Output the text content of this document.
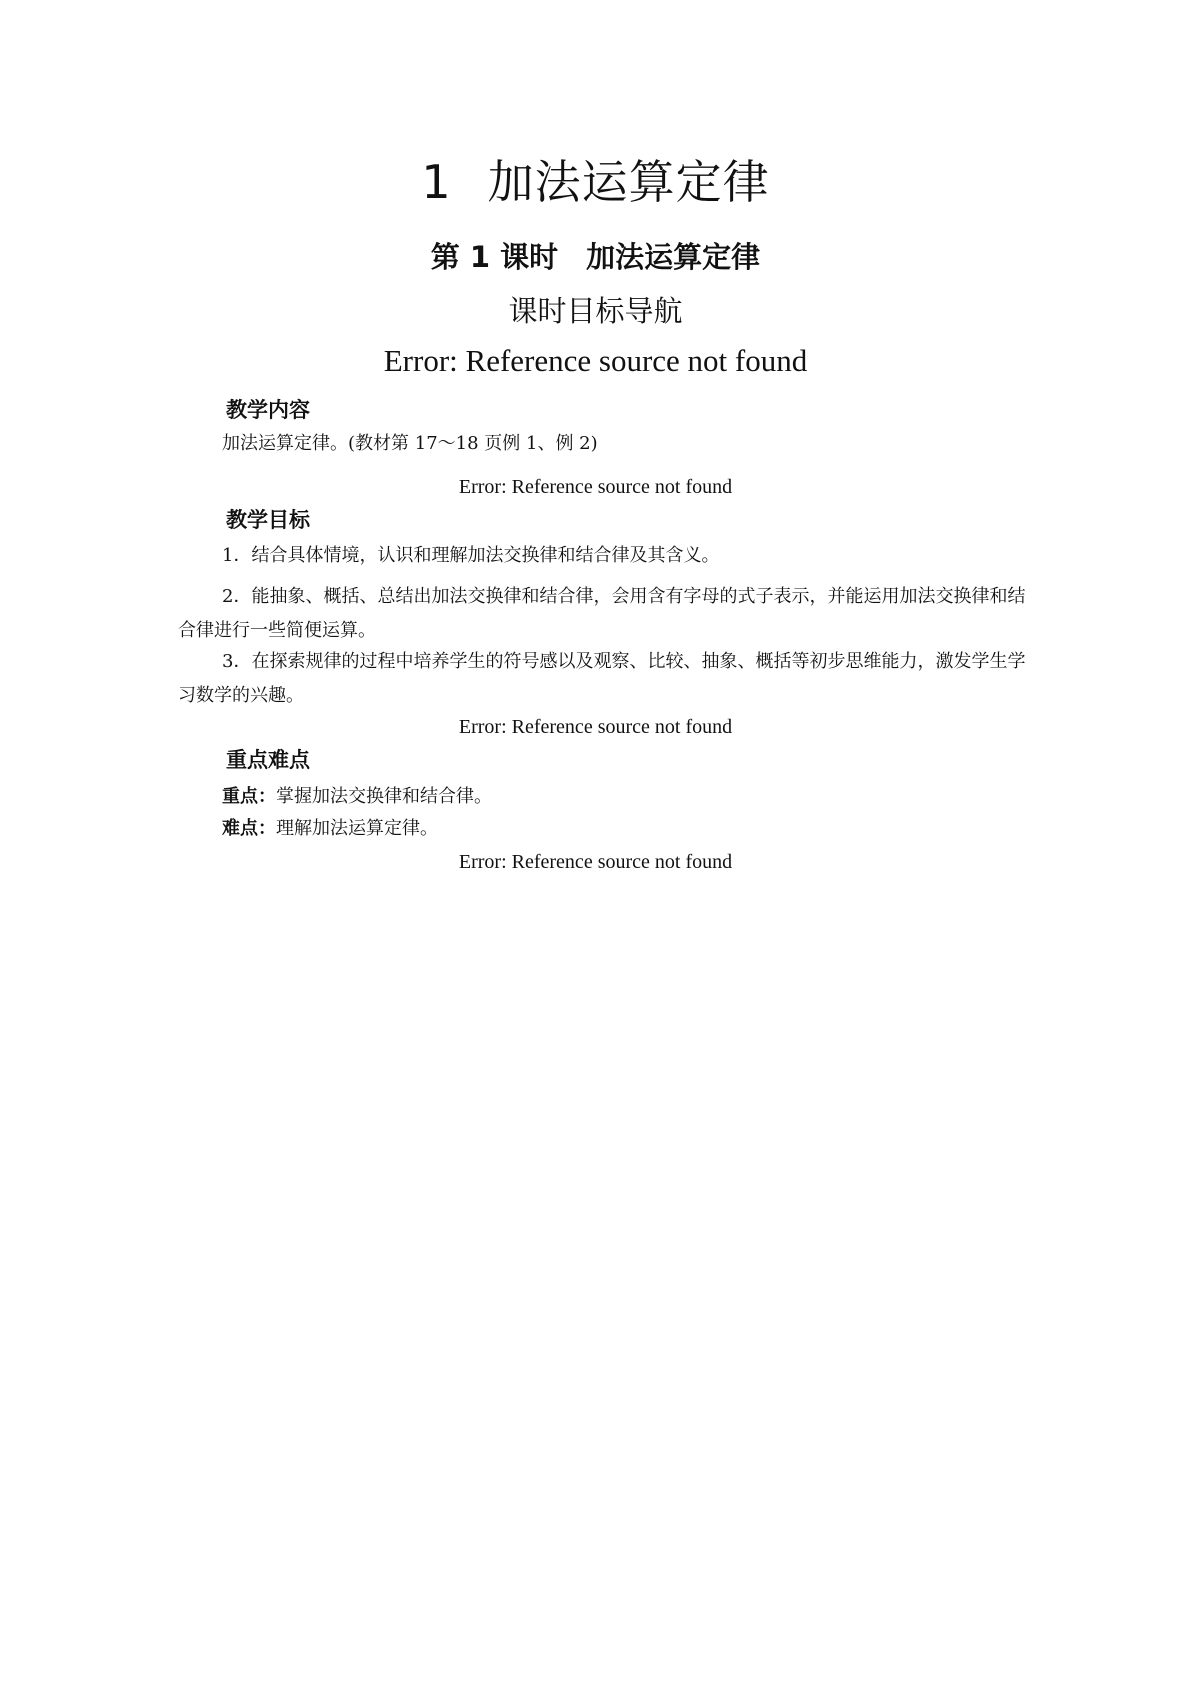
1 加法运算定律
第 1 课时 加法运算定律
课时目标导航
Error: Reference source not found
教学内容
加法运算定律。(教材第 17～18 页例 1、例 2)
Error: Reference source not found
教学目标
1．结合具体情境，认识和理解加法交换律和结合律及其含义。
2．能抽象、概括、总结出加法交换律和结合律，会用含有字母的式子表示，并能运用加法交换律和结合律进行一些简便运算。
3．在探索规律的过程中培养学生的符号感以及观察、比较、抽象、概括等初步思维能力，激发学生学习数学的兴趣。
Error: Reference source not found
重点难点
重点：掌握加法交换律和结合律。
难点：理解加法运算定律。
Error: Reference source not found
